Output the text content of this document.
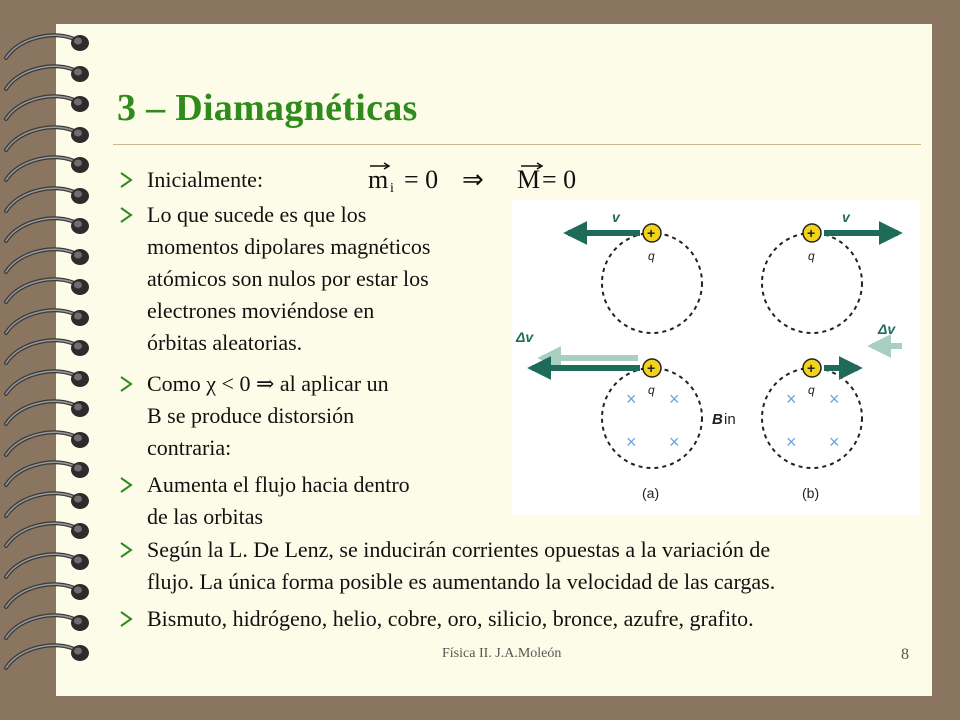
3 – Diamagnéticas
Inicialmente:	m i = 0 ⇒ M = 0
Lo que sucede es que los
momentos dipolares magnéticos
atómicos son nulos por estar los
electrones moviéndose en
órbitas aleatorias.
Como χ < 0 ⇒ al aplicar un
B se produce distorsión
contraria:
Aumenta el flujo hacia dentro
de las orbitas
Según la L. De Lenz, se inducirán corrientes opuestas a la variación de
flujo. La única forma posible es aumentando la velocidad de las cargas.
Bismuto, hidrógeno, helio, cobre, oro, silicio, bronce, azufre, grafito.
v
+
q
v
+
q
Δv
+
q
× ×
× ×
(a)
B in
Δv
+
q
× ×
× ×
(b)
Física II. J.A.Moleón	8
